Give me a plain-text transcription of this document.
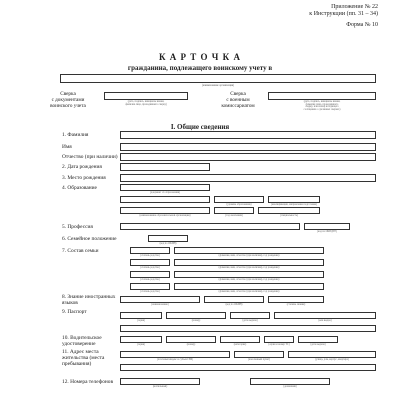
Приложение № 22
к Инструкции (пп. 31 – 34)
Форма № 10
К А Р Т О Ч К А
гражданина, подлежащего воинскому учету в
(наименование организации)
Сверка
с документами
воинского учета
(дата, подпись, инициалы имени,
фамилия лица, проводившего сверку)
Сверка
с военным
комиссариатом
(дата, подпись, инициалы имени,
фамилия лица, проводившего
сверку, или номер исходящего
сообщения о сделанных сверках)
I. Общие сведения
1. Фамилия
Имя
Отчество (при наличии)
2. Дата рождения
3. Место рождения
4. Образование
(документ об образовании)
(уровень образования)	(квалификация, направление подготовки)
(наименование образовательной организации)	(год окончания)	(специальность)
5. Профессия
(код по ОКПДТР)
6. Семейное положение
(код по ОКИН)
7. Состав семьи
(степень родства)	(фамилия, имя, отчество (при наличии), год рождения)
(степень родства)	(фамилия, имя, отчество (при наличии), год рождения)
(степень родства)	(фамилия, имя, отчество (при наличии), год рождения)
(степень родства)	(фамилия, имя, отчество (при наличии), год рождения)
8. Знание иностранных
языков	(наименование)	(код по ОКИН)	(степень знания)
9. Паспорт
(серия)	(номер)	(дата выдачи)	(кем выдан)
10. Водительское
удостоверение	(серия)	(номер)	(категория)	(серия и номер ТС)	(дата выдачи)
11. Адрес места
жительства (места
пребывания)
(почтовый индекс и субъект РФ)	(населенный пункт)	(улица, дом, корпус, квартира)
12. Номера телефонов
(мобильный)	(домашний)
